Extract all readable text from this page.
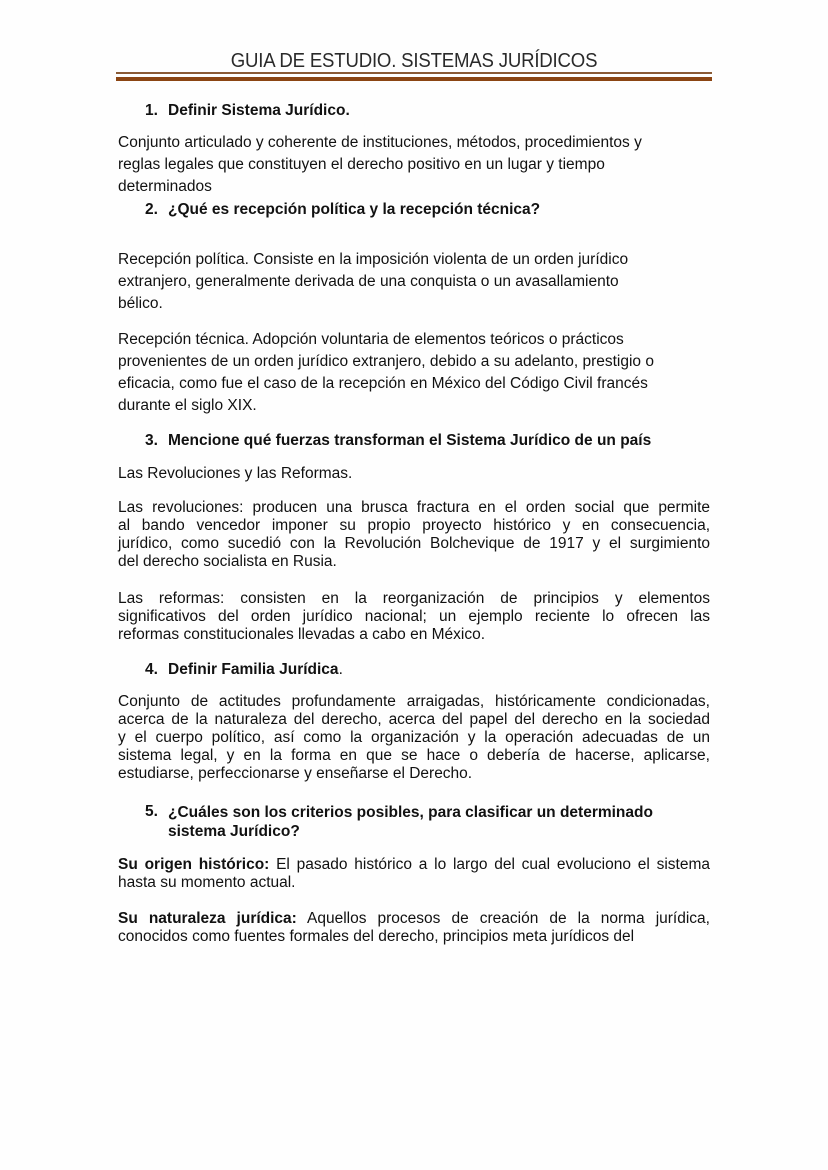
GUIA DE ESTUDIO. SISTEMAS JURÍDICOS
1. Definir Sistema Jurídico.
Conjunto articulado y coherente de instituciones, métodos, procedimientos y
reglas legales que constituyen el derecho positivo en un lugar y tiempo
determinados
2. ¿Qué es recepción política y la recepción técnica?
Recepción política. Consiste en la imposición violenta de un orden jurídico
extranjero, generalmente derivada de una conquista o un avasallamiento
bélico.
Recepción técnica. Adopción voluntaria de elementos teóricos o prácticos
provenientes de un orden jurídico extranjero, debido a su adelanto, prestigio o
eficacia, como fue el caso de la recepción en México del Código Civil francés
durante el siglo XIX.
3. Mencione qué fuerzas transforman el Sistema Jurídico de un país
Las Revoluciones y las Reformas.
Las revoluciones: producen una brusca fractura en el orden social que permite
al bando vencedor imponer su propio proyecto histórico y en consecuencia,
jurídico, como sucedió con la Revolución Bolchevique de 1917 y el surgimiento
del derecho socialista en Rusia.
Las reformas: consisten en la reorganización de principios y elementos
significativos del orden jurídico nacional; un ejemplo reciente lo ofrecen las
reformas constitucionales llevadas a cabo en México.
4. Definir Familia Jurídica.
Conjunto de actitudes profundamente arraigadas, históricamente condicionadas,
acerca de la naturaleza del derecho, acerca del papel del derecho en la sociedad
y el cuerpo político, así como la organización y la operación adecuadas de un
sistema legal, y en la forma en que se hace o debería de hacerse, aplicarse,
estudiarse, perfeccionarse y enseñarse el Derecho.
5. ¿Cuáles son los criterios posibles, para clasificar un determinado sistema Jurídico?
Su origen histórico: El pasado histórico a lo largo del cual evoluciono el sistema
hasta su momento actual.
Su naturaleza jurídica: Aquellos procesos de creación de la norma jurídica,
conocidos como fuentes formales del derecho, principios meta jurídicos del
